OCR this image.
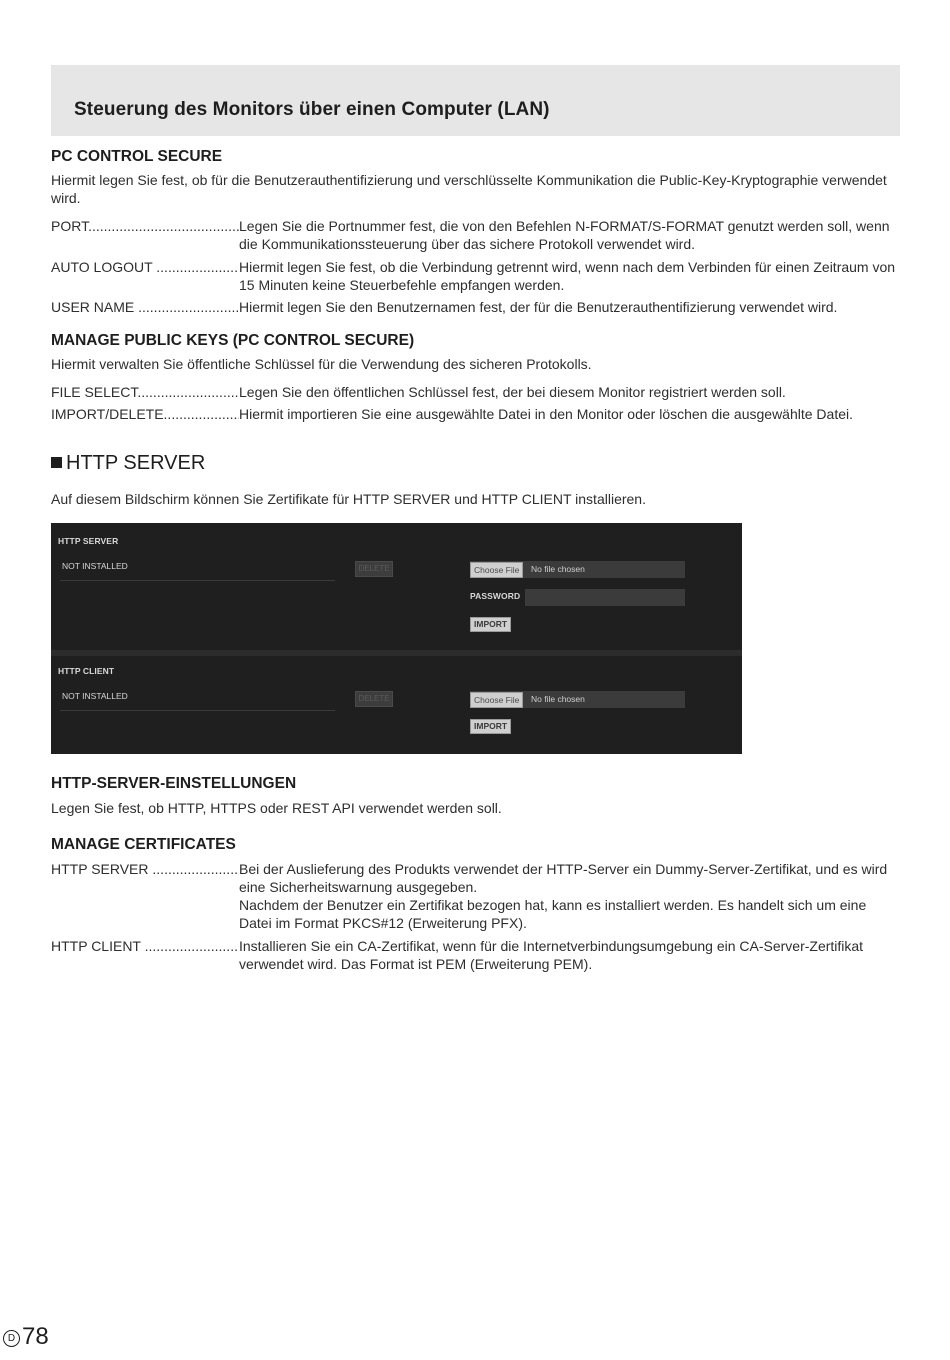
Steuerung des Monitors über einen Computer (LAN)
PC CONTROL SECURE

Hiermit legen Sie fest, ob für die Benutzerauthentifizierung und verschlüsselte Kommunikation die Public-Key-Kryptographie verwendet wird.

PORT .....	Legen Sie die Portnummer fest, die von den Befehlen N-FORMAT/S-FORMAT genutzt werden soll, wenn die Kommunikationssteuerung über das sichere Protokoll verwendet wird.
AUTO LOGOUT .....	Hiermit legen Sie fest, ob die Verbindung getrennt wird, wenn nach dem Verbinden für einen Zeitraum von 15 Minuten keine Steuerbefehle empfangen werden.
USER NAME .....	Hiermit legen Sie den Benutzernamen fest, der für die Benutzerauthentifizierung verwendet wird.
MANAGE PUBLIC KEYS (PC CONTROL SECURE)

Hiermit verwalten Sie öffentliche Schlüssel für die Verwendung des sicheren Protokolls.

FILE SELECT .....	Legen Sie den öffentlichen Schlüssel fest, der bei diesem Monitor registriert werden soll.
IMPORT/DELETE .....	Hiermit importieren Sie eine ausgewählte Datei in den Monitor oder löschen die ausgewählte Datei.
HTTP SERVER

Auf diesem Bildschirm können Sie Zertifikate für HTTP SERVER und HTTP CLIENT installieren.

HTTP SERVER
NOT INSTALLED	DELETE	Choose File	No file chosen
PASSWORD
IMPORT
HTTP CLIENT
NOT INSTALLED	DELETE	Choose File	No file chosen
IMPORT
HTTP-SERVER-EINSTELLUNGEN

Legen Sie fest, ob HTTP, HTTPS oder REST API verwendet werden soll.

MANAGE CERTIFICATES
HTTP SERVER .....	Bei der Auslieferung des Produkts verwendet der HTTP-Server ein Dummy-Server-Zertifikat, und es wird eine Sicherheitswarnung ausgegeben.
Nachdem der Benutzer ein Zertifikat bezogen hat, kann es installiert werden. Es handelt sich um eine Datei im Format PKCS#12 (Erweiterung PFX).
HTTP CLIENT .....	Installieren Sie ein CA-Zertifikat, wenn für die Internetverbindungsumgebung ein CA-Server-Zertifikat verwendet wird. Das Format ist PEM (Erweiterung PEM).
D 78
